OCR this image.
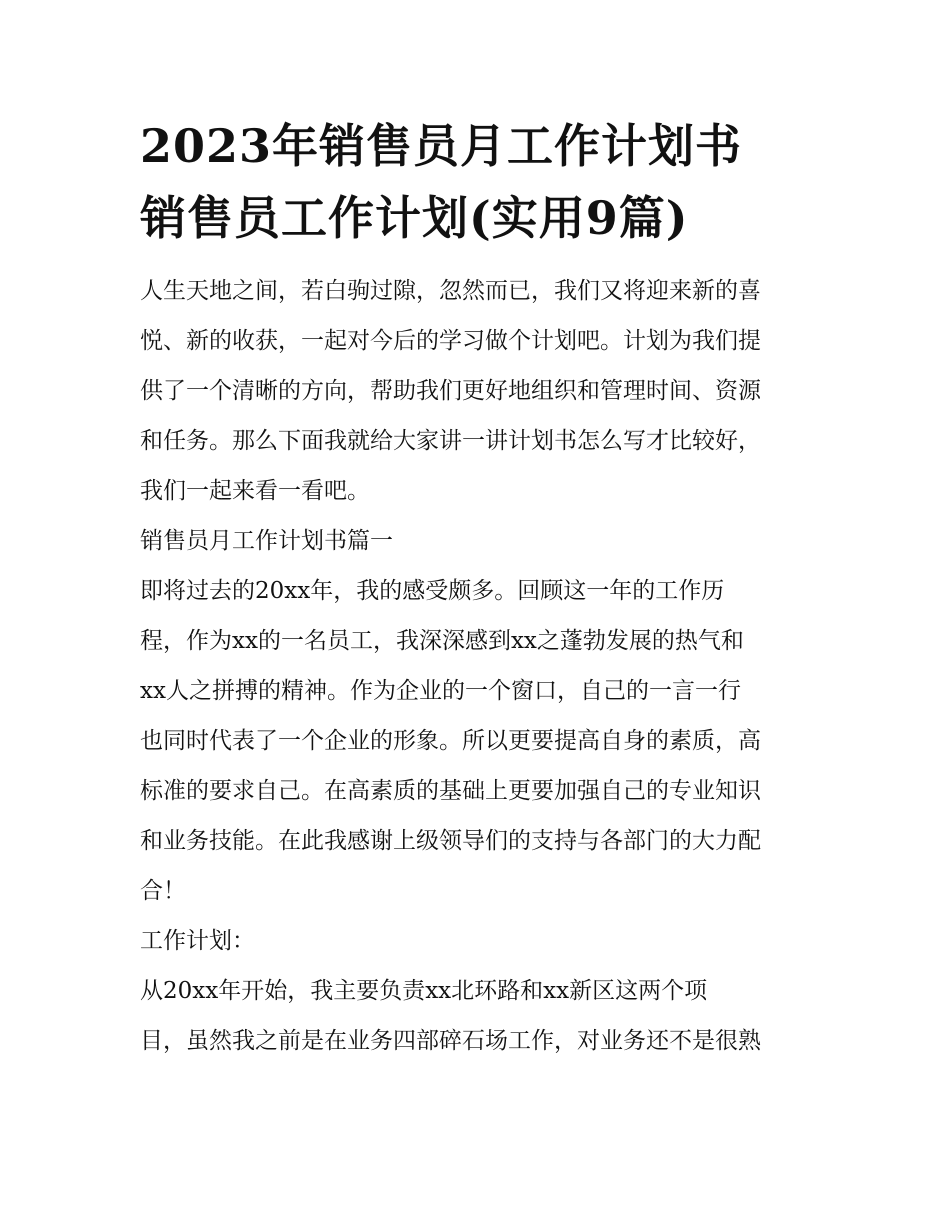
2023年销售员月工作计划书
销售员工作计划(实用9篇)

人生天地之间，若白驹过隙，忽然而已，我们又将迎来新的喜
悦、新的收获，一起对今后的学习做个计划吧。计划为我们提
供了一个清晰的方向，帮助我们更好地组织和管理时间、资源
和任务。那么下面我就给大家讲一讲计划书怎么写才比较好，
我们一起来看一看吧。

销售员月工作计划书篇一

即将过去的20xx年，我的感受颇多。回顾这一年的工作历
程，作为xx的一名员工，我深深感到xx之蓬勃发展的热气和
xx人之拼搏的精神。作为企业的一个窗口，自己的一言一行
也同时代表了一个企业的形象。所以更要提高自身的素质，高
标准的要求自己。在高素质的基础上更要加强自己的专业知识
和业务技能。在此我感谢上级领导们的支持与各部门的大力配
合！

工作计划：

从20xx年开始，我主要负责xx北环路和xx新区这两个项
目，虽然我之前是在业务四部碎石场工作，对业务还不是很熟
